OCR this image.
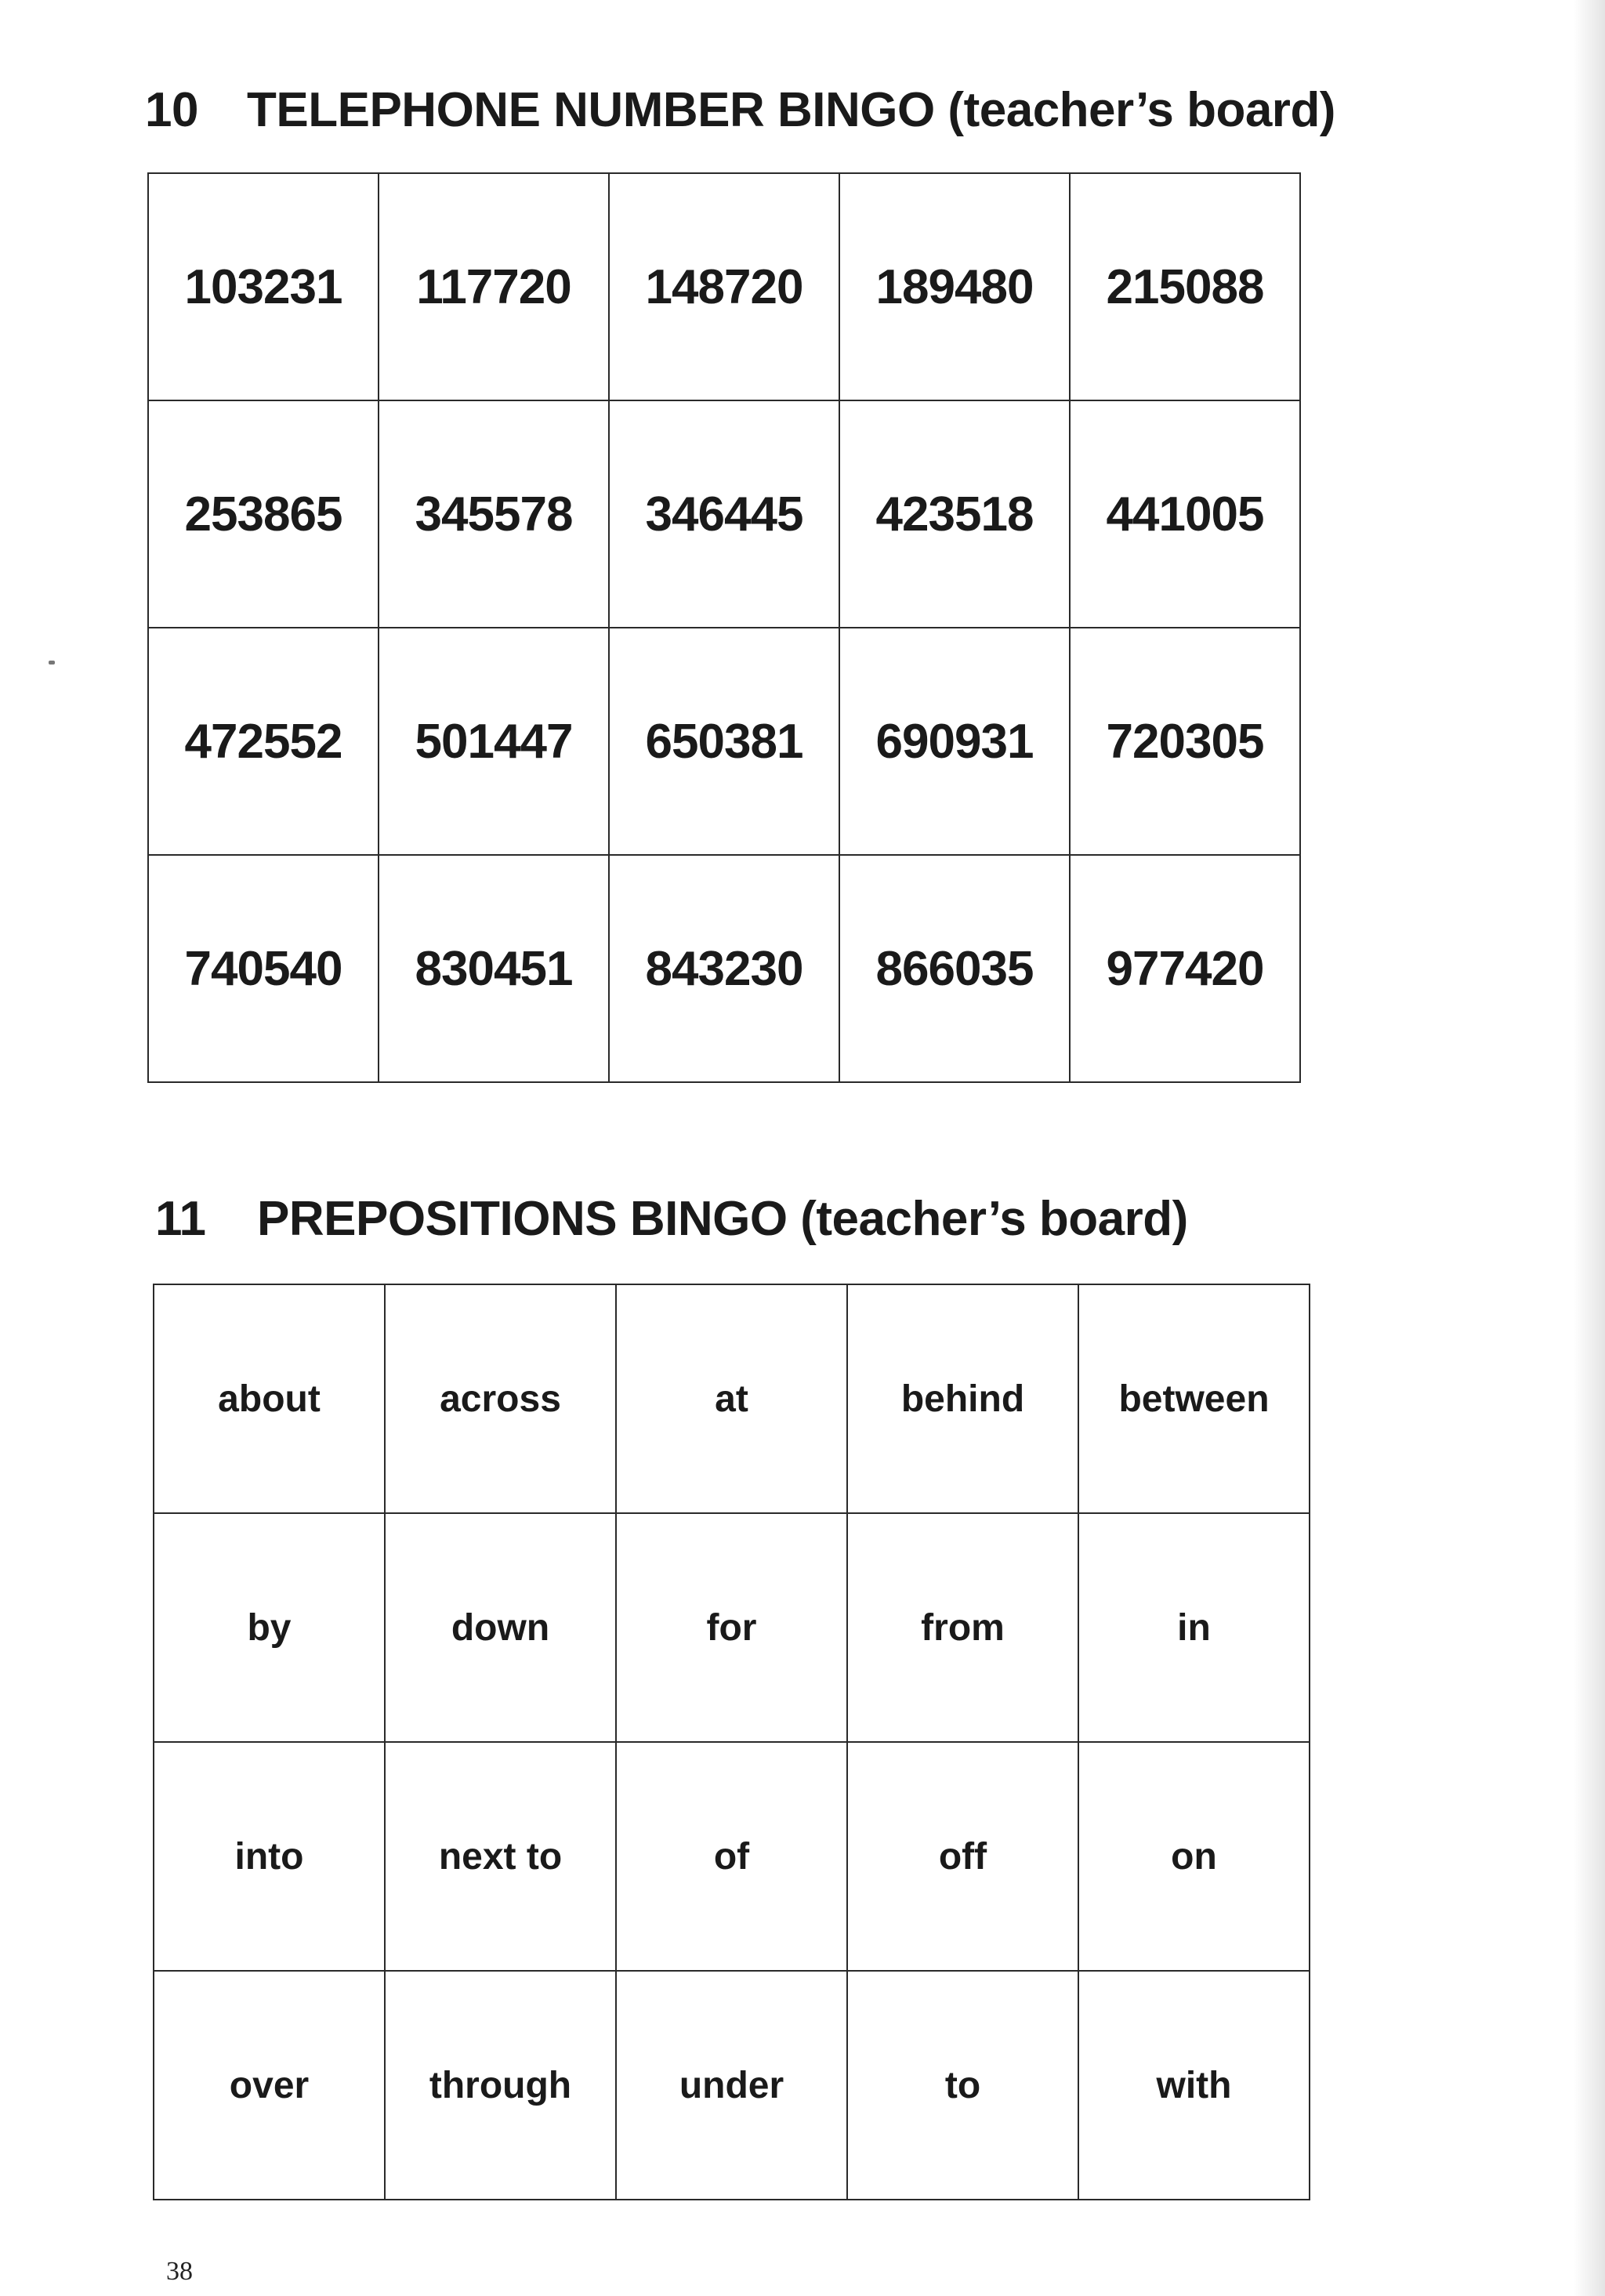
10 TELEPHONE NUMBER BINGO (teacher’s board)
103231	117720	148720	189480	215088
253865	345578	346445	423518	441005
472552	501447	650381	690931	720305
740540	830451	843230	866035	977420
11 PREPOSITIONS BINGO (teacher’s board)
about	across	at	behind	between
by	down	for	from	in
into	next to	of	off	on
over	through	under	to	with
38
